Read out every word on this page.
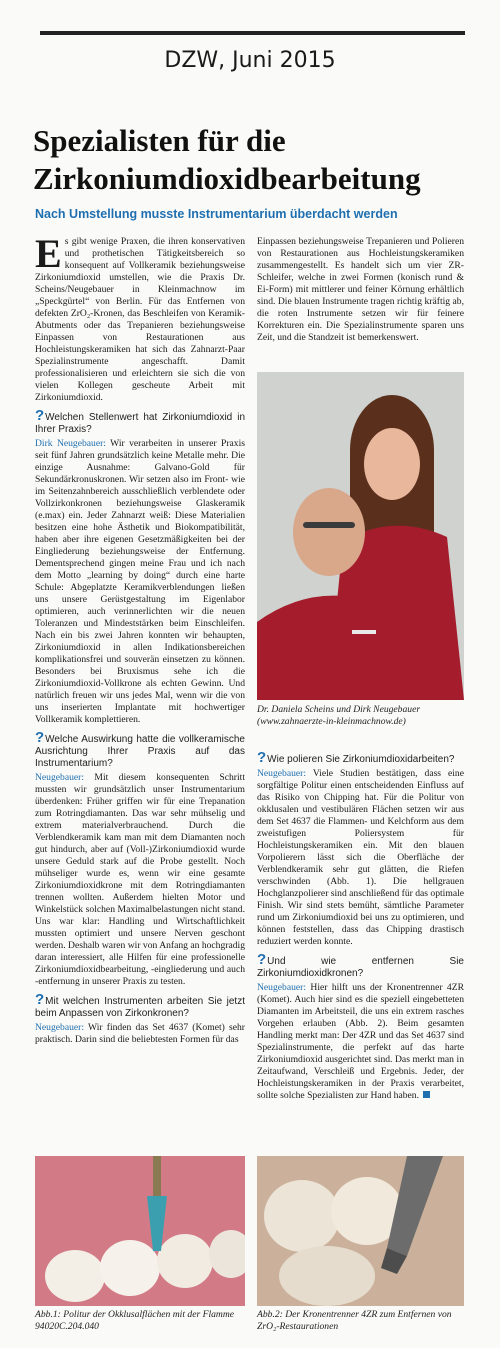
DZW, Juni 2015
Spezialisten für die
Zirkoniumdioxidbearbeitung
Nach Umstellung musste Instrumentarium überdacht werden

Es gibt wenige Praxen, die ihren konservativen und prothetischen Tätigkeitsbereich so konsequent auf Vollkeramik beziehungsweise Zirkoniumdioxid umstellen, wie die Praxis Dr. Scheins/Neugebauer in Kleinmachnow im „Speckgürtel“ von Berlin. Für das Entfernen von defekten ZrO₂-Kronen, das Beschleifen von Keramik-Abutments oder das Trepanieren beziehungsweise Einpassen von Restaurationen aus Hochleistungskeramiken hat sich das Zahnarzt-Paar Spezialinstrumente angeschafft. Damit professionalisieren und erleichtern sie sich die von vielen Kollegen gescheute Arbeit mit Zirkoniumdioxid.

?Welchen Stellenwert hat Zirkoniumdioxid in Ihrer Praxis?

Dirk Neugebauer: Wir verarbeiten in unserer Praxis seit fünf Jahren grundsätzlich keine Metalle mehr. Die einzige Ausnahme: Galvano-Gold für Sekundärkronuskronen. Wir setzen also im Front- wie im Seitenzahnbereich ausschließlich verblendete oder Vollzirkonkronen beziehungsweise Glaskeramik (e.max) ein. Jeder Zahnarzt weiß: Diese Materialien besitzen eine hohe Ästhetik und Biokompatibilität, haben aber ihre eigenen Gesetzmäßigkeiten bei der Eingliederung beziehungsweise der Entfernung. Dementsprechend gingen meine Frau und ich nach dem Motto „learning by doing“ durch eine harte Schule: Abgeplatzte Keramikverblendungen ließen uns unsere Gerüstgestaltung im Eigenlabor optimieren, auch verinnerlichten wir die neuen Toleranzen und Mindeststärken beim Einschleifen. Nach ein bis zwei Jahren konnten wir behaupten, Zirkoniumdioxid in allen Indikationsbereichen komplikationsfrei und souverän einsetzen zu können. Besonders bei Bruxismus sehe ich die Zirkoniumdioxid-Vollkrone als echten Gewinn. Und natürlich freuen wir uns jedes Mal, wenn wir die von uns inserierten Implantate mit hochwertiger Vollkeramik komplettieren.

?Welche Auswirkung hatte die vollkeramische Ausrichtung Ihrer Praxis auf das Instrumentarium?

Neugebauer: Mit diesem konsequenten Schritt mussten wir grundsätzlich unser Instrumentarium überdenken: Früher griffen wir für eine Trepanation zum Rotringdiamanten. Das war sehr mühselig und extrem materialverbrauchend. Durch die Verblendkeramik kam man mit dem Diamanten noch gut hindurch, aber auf (Voll-)Zirkoniumdioxid wurde unsere Geduld stark auf die Probe gestellt. Noch mühseliger wurde es, wenn wir eine gesamte Zirkoniumdioxidkrone mit dem Rotringdiamanten trennen wollten. Außerdem hielten Motor und Winkelstück solchen Maximalbelastungen nicht stand. Uns war klar: Handling und Wirtschaftlichkeit mussten optimiert und unsere Nerven geschont werden. Deshalb waren wir von Anfang an hochgradig daran interessiert, alle Hilfen für eine professionelle Zirkoniumdioxidbearbeitung, -eingliederung und auch -entfernung in unserer Praxis zu testen.

?Mit welchen Instrumenten arbeiten Sie jetzt beim Anpassen von Zirkonkronen?

Neugebauer: Wir finden das Set 4637 (Komet) sehr praktisch. Darin sind die beliebtesten Formen für das

Einpassen beziehungsweise Trepanieren und Polieren von Restaurationen aus Hochleistungskeramiken zusammengestellt. Es handelt sich um vier ZR-Schleifer, welche in zwei Formen (konisch rund & Ei-Form) mit mittlerer und feiner Körnung erhältlich sind. Die blauen Instrumente tragen richtig kräftig ab, die roten Instrumente setzen wir für feinere Korrekturen ein. Die Spezialinstrumente sparen uns Zeit, und die Standzeit ist bemerkenswert.

Dr. Daniela Scheins und Dirk Neugebauer
(www.zahnaerzte-in-kleinmachnow.de)
?Wie polieren Sie Zirkoniumdioxidarbeiten?

Neugebauer: Viele Studien bestätigen, dass eine sorgfältige Politur einen entscheidenden Einfluss auf das Risiko von Chipping hat. Für die Politur von okklusalen und vestibulären Flächen setzen wir aus dem Set 4637 die Flammen- und Kelchform aus dem zweistufigen Poliersystem für Hochleistungskeramiken ein. Mit den blauen Vorpolierern lässt sich die Oberfläche der Verblendkeramik sehr gut glätten, die Riefen verschwinden (Abb. 1). Die hellgrauen Hochglanzpolierer sind anschließend für das optimale Finish. Wir sind stets bemüht, sämtliche Parameter rund um Zirkoniumdioxid bei uns zu optimieren, und können feststellen, dass das Chipping drastisch reduziert werden konnte.

?Und wie entfernen Sie Zirkoniumdioxidkronen?

Neugebauer: Hier hilft uns der Kronentrenner 4ZR (Komet). Auch hier sind es die speziell eingebetteten Diamanten im Arbeitsteil, die uns ein extrem rasches Vorgehen erlauben (Abb. 2). Beim gesamten Handling merkt man: Der 4ZR und das Set 4637 sind Spezialinstrumente, die perfekt auf das harte Zirkoniumdioxid ausgerichtet sind. Das merkt man in Zeitaufwand, Verschleiß und Ergebnis. Jeder, der Hochleistungskeramiken in der Praxis verarbeitet, sollte solche Spezialisten zur Hand haben.

Abb.1: Politur der Okklusalflächen mit der Flamme 94020C.204.040
Abb.2: Der Kronentrenner 4ZR zum Entfernen von ZrO₂-Restaurationen
